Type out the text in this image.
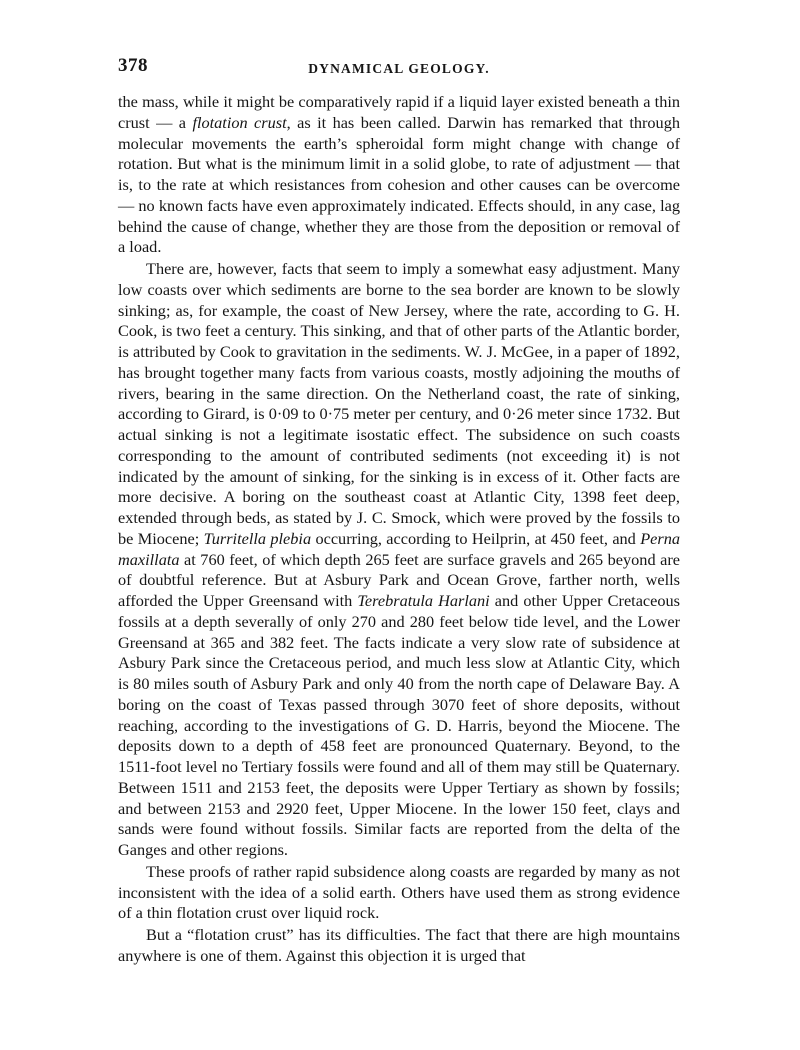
378	DYNAMICAL GEOLOGY.

the mass, while it might be comparatively rapid if a liquid layer existed beneath a thin crust — a flotation crust, as it has been called. Darwin has remarked that through molecular movements the earth’s spheroidal form might change with change of rotation. But what is the minimum limit in a solid globe, to rate of adjustment — that is, to the rate at which resistances from cohesion and other causes can be overcome — no known facts have even approximately indicated. Effects should, in any case, lag behind the cause of change, whether they are those from the deposition or removal of a load.

There are, however, facts that seem to imply a somewhat easy adjustment. Many low coasts over which sediments are borne to the sea border are known to be slowly sinking; as, for example, the coast of New Jersey, where the rate, according to G. H. Cook, is two feet a century. This sinking, and that of other parts of the Atlantic border, is attributed by Cook to gravitation in the sediments. W. J. McGee, in a paper of 1892, has brought together many facts from various coasts, mostly adjoining the mouths of rivers, bearing in the same direction. On the Netherland coast, the rate of sinking, according to Girard, is 0·09 to 0·75 meter per century, and 0·26 meter since 1732. But actual sinking is not a legitimate isostatic effect. The subsidence on such coasts corresponding to the amount of contributed sediments (not exceeding it) is not indicated by the amount of sinking, for the sinking is in excess of it. Other facts are more decisive. A boring on the southeast coast at Atlantic City, 1398 feet deep, extended through beds, as stated by J. C. Smock, which were proved by the fossils to be Miocene; Turritella plebia occurring, according to Heilprin, at 450 feet, and Perna maxillata at 760 feet, of which depth 265 feet are surface gravels and 265 beyond are of doubtful reference. But at Asbury Park and Ocean Grove, farther north, wells afforded the Upper Greensand with Terebratula Harlani and other Upper Cretaceous fossils at a depth severally of only 270 and 280 feet below tide level, and the Lower Greensand at 365 and 382 feet. The facts indicate a very slow rate of subsidence at Asbury Park since the Cretaceous period, and much less slow at Atlantic City, which is 80 miles south of Asbury Park and only 40 from the north cape of Delaware Bay. A boring on the coast of Texas passed through 3070 feet of shore deposits, without reaching, according to the investigations of G. D. Harris, beyond the Miocene. The deposits down to a depth of 458 feet are pronounced Quaternary. Beyond, to the 1511-foot level no Tertiary fossils were found and all of them may still be Quaternary. Between 1511 and 2153 feet, the deposits were Upper Tertiary as shown by fossils; and between 2153 and 2920 feet, Upper Miocene. In the lower 150 feet, clays and sands were found without fossils. Similar facts are reported from the delta of the Ganges and other regions.

These proofs of rather rapid subsidence along coasts are regarded by many as not inconsistent with the idea of a solid earth. Others have used them as strong evidence of a thin flotation crust over liquid rock.

But a “flotation crust” has its difficulties. The fact that there are high mountains anywhere is one of them. Against this objection it is urged that
